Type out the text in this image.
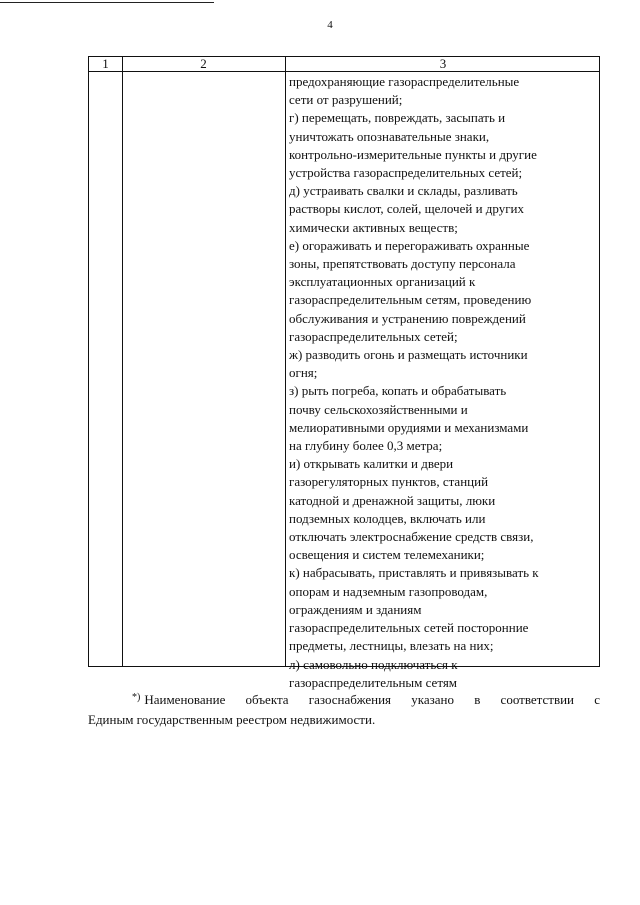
4
1	2	3
предохраняющие газораспределительные
сети от разрушений;
г) перемещать, повреждать, засыпать и
уничтожать опознавательные знаки,
контрольно-измерительные пункты и другие
устройства газораспределительных сетей;
д) устраивать свалки и склады, разливать
растворы кислот, солей, щелочей и других
химически активных веществ;
е) огораживать и перегораживать охранные
зоны, препятствовать доступу персонала
эксплуатационных организаций к
газораспределительным сетям, проведению
обслуживания и устранению повреждений
газораспределительных сетей;
ж) разводить огонь и размещать источники
огня;
з) рыть погреба, копать и обрабатывать
почву сельскохозяйственными и
мелиоративными орудиями и механизмами
на глубину более 0,3 метра;
и) открывать калитки и двери
газорегуляторных пунктов, станций
катодной и дренажной защиты, люки
подземных колодцев, включать или
отключать электроснабжение средств связи,
освещения и систем телемеханики;
к) набрасывать, приставлять и привязывать к
опорам и надземным газопроводам,
ограждениям и зданиям
газораспределительных сетей посторонние
предметы, лестницы, влезать на них;
л) самовольно подключаться к
газораспределительным сетям

*) Наименование объекта газоснабжения указано в соответствии с

Единым государственным реестром недвижимости.
